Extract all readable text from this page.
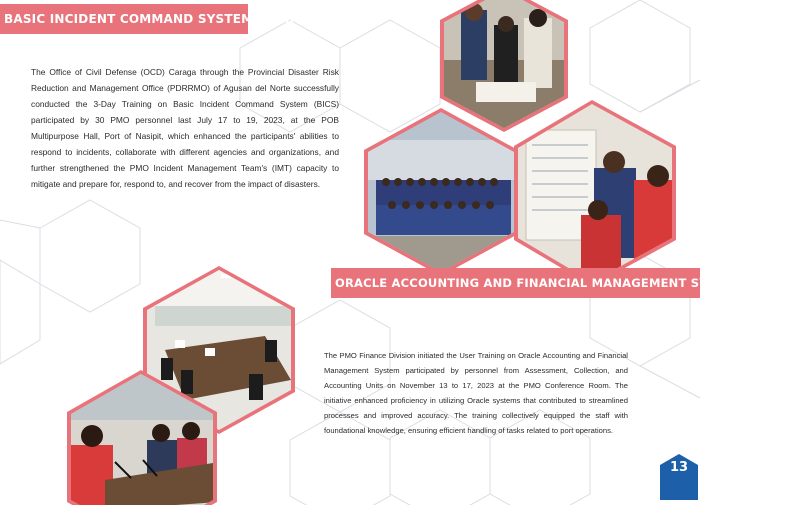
BASIC INCIDENT COMMAND SYSTEM TRAINING
The Office of Civil Defense (OCD) Caraga through the Provincial Disaster Risk Reduction and Management Office (PDRRMO) of Agusan del Norte successfully conducted the 3-Day Training on Basic Incident Command System (BICS) participated by 30 PMO personnel last July 17 to 19, 2023, at the POB Multipurpose Hall, Port of Nasipit, which enhanced the participants' abilities to respond to incidents, collaborate with different agencies and organizations, and further strengthened the PMO Incident Management Team's (IMT) capacity to mitigate and prepare for, respond to, and recover from the impact of disasters.
ORACLE ACCOUNTING AND FINANCIAL MANAGEMENT SYSTEM (AFMS)
The PMO Finance Division initiated the User Training on Oracle Accounting and Financial Management System participated by personnel from Assessment, Collection, and Accounting Units on November 13 to 17, 2023 at the PMO Conference Room. The initiative enhanced proficiency in utilizing Oracle systems that contributed to streamlined processes and improved accuracy. The training collectively equipped the staff with foundational knowledge, ensuring efficient handling of tasks related to port operations.
13
